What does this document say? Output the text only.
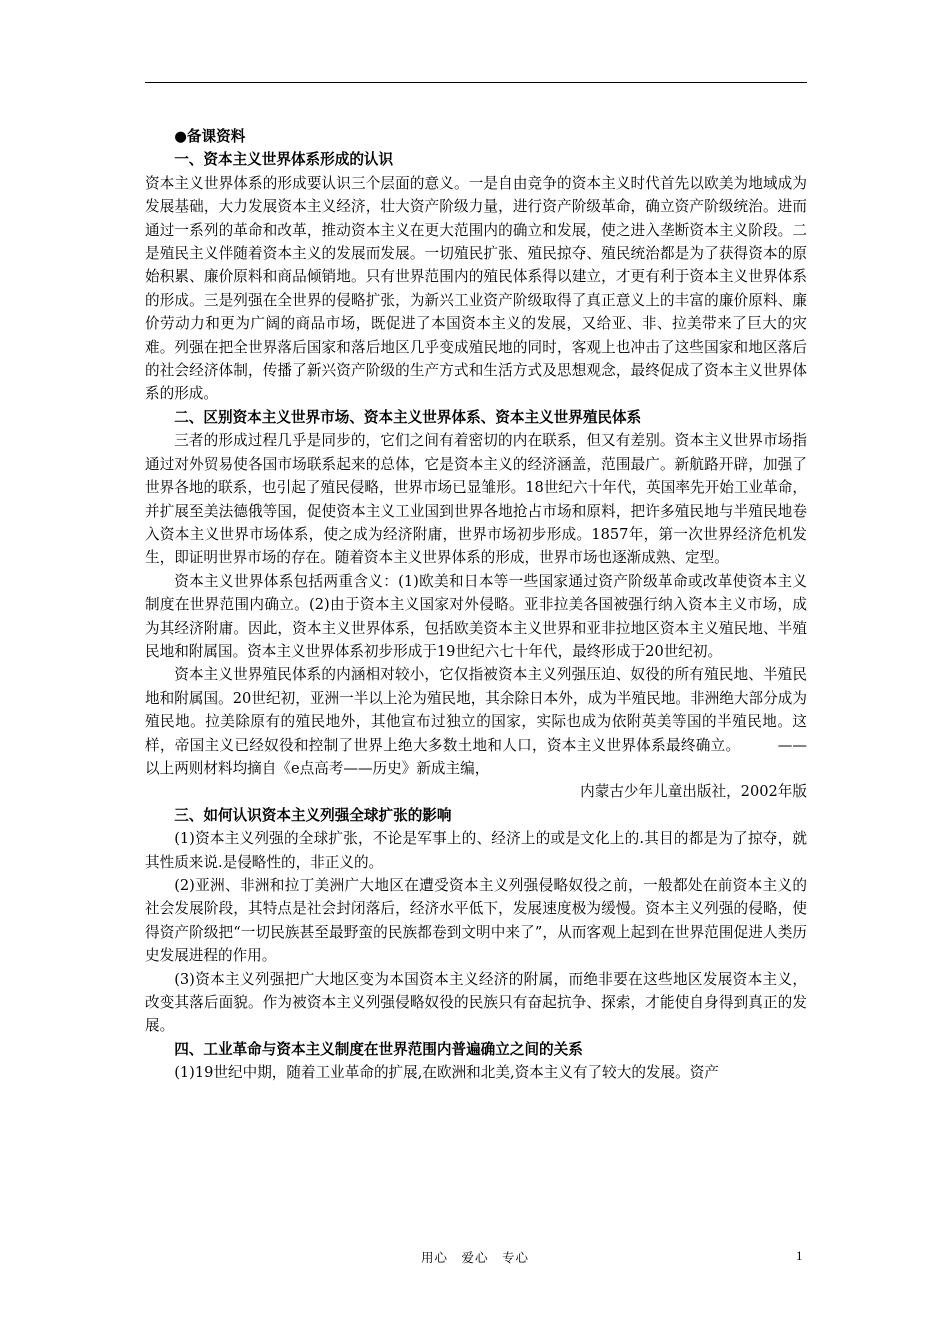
●备课资料

一、资本主义世界体系形成的认识

资本主义世界体系的形成要认识三个层面的意义。一是自由竞争的资本主义时代首先以欧美为地域成为发展基础，大力发展资本主义经济，壮大资产阶级力量，进行资产阶级革命，确立资产阶级统治。进而通过一系列的革命和改革，推动资本主义在更大范围内的确立和发展，使之进入垄断资本主义阶段。二是殖民主义伴随着资本主义的发展而发展。一切殖民扩张、殖民掠夺、殖民统治都是为了获得资本的原始积累、廉价原料和商品倾销地。只有世界范围内的殖民体系得以建立，才更有利于资本主义世界体系的形成。三是列强在全世界的侵略扩张，为新兴工业资产阶级取得了真正意义上的丰富的廉价原料、廉价劳动力和更为广阔的商品市场，既促进了本国资本主义的发展，又给亚、非、拉美带来了巨大的灾难。列强在把全世界落后国家和落后地区几乎变成殖民地的同时，客观上也冲击了这些国家和地区落后的社会经济体制，传播了新兴资产阶级的生产方式和生活方式及思想观念，最终促成了资本主义世界体系的形成。

二、区别资本主义世界市场、资本主义世界体系、资本主义世界殖民体系

三者的形成过程几乎是同步的，它们之间有着密切的内在联系，但又有差别。资本主义世界市场指通过对外贸易使各国市场联系起来的总体，它是资本主义的经济涵盖，范围最广。新航路开辟，加强了世界各地的联系，也引起了殖民侵略，世界市场已显雏形。18世纪六十年代，英国率先开始工业革命，并扩展至美法德俄等国，促使资本主义工业国到世界各地抢占市场和原料，把许多殖民地与半殖民地卷入资本主义世界市场体系，使之成为经济附庸，世界市场初步形成。1857年，第一次世界经济危机发生，即证明世界市场的存在。随着资本主义世界体系的形成，世界市场也逐渐成熟、定型。

资本主义世界体系包括两重含义：(1)欧美和日本等一些国家通过资产阶级革命或改革使资本主义制度在世界范围内确立。(2)由于资本主义国家对外侵略。亚非拉美各国被强行纳入资本主义市场，成为其经济附庸。因此，资本主义世界体系，包括欧美资本主义世界和亚非拉地区资本主义殖民地、半殖民地和附属国。资本主义世界体系初步形成于19世纪六七十年代，最终形成于20世纪初。

资本主义世界殖民体系的内涵相对较小，它仅指被资本主义列强压迫、奴役的所有殖民地、半殖民地和附属国。20世纪初，亚洲一半以上沦为殖民地，其余除日本外，成为半殖民地。非洲绝大部分成为殖民地。拉美除原有的殖民地外，其他宣布过独立的国家，实际也成为依附英美等国的半殖民地。这样，帝国主义已经奴役和控制了世界上绝大多数土地和人口，资本主义世界体系最终确立。　　　——以上两则材料均摘自《e点高考——历史》新成主编，

内蒙古少年儿童出版社，2002年版

三、如何认识资本主义列强全球扩张的影响

(1)资本主义列强的全球扩张，不论是军事上的、经济上的或是文化上的.其目的都是为了掠夺，就其性质来说.是侵略性的，非正义的。

(2)亚洲、非洲和拉丁美洲广大地区在遭受资本主义列强侵略奴役之前，一般都处在前资本主义的社会发展阶段，其特点是社会封闭落后，经济水平低下，发展速度极为缓慢。资本主义列强的侵略，使得资产阶级把“一切民族甚至最野蛮的民族都卷到文明中来了”，从而客观上起到在世界范围促进人类历史发展进程的作用。

(3)资本主义列强把广大地区变为本国资本主义经济的附属，而绝非要在这些地区发展资本主义，改变其落后面貌。作为被资本主义列强侵略奴役的民族只有奋起抗争、探索，才能使自身得到真正的发展。

四、工业革命与资本主义制度在世界范围内普遍确立之间的关系

(1)19世纪中期，随着工业革命的扩展,在欧洲和北美,资本主义有了较大的发展。资产

用心　爱心　专心	1
